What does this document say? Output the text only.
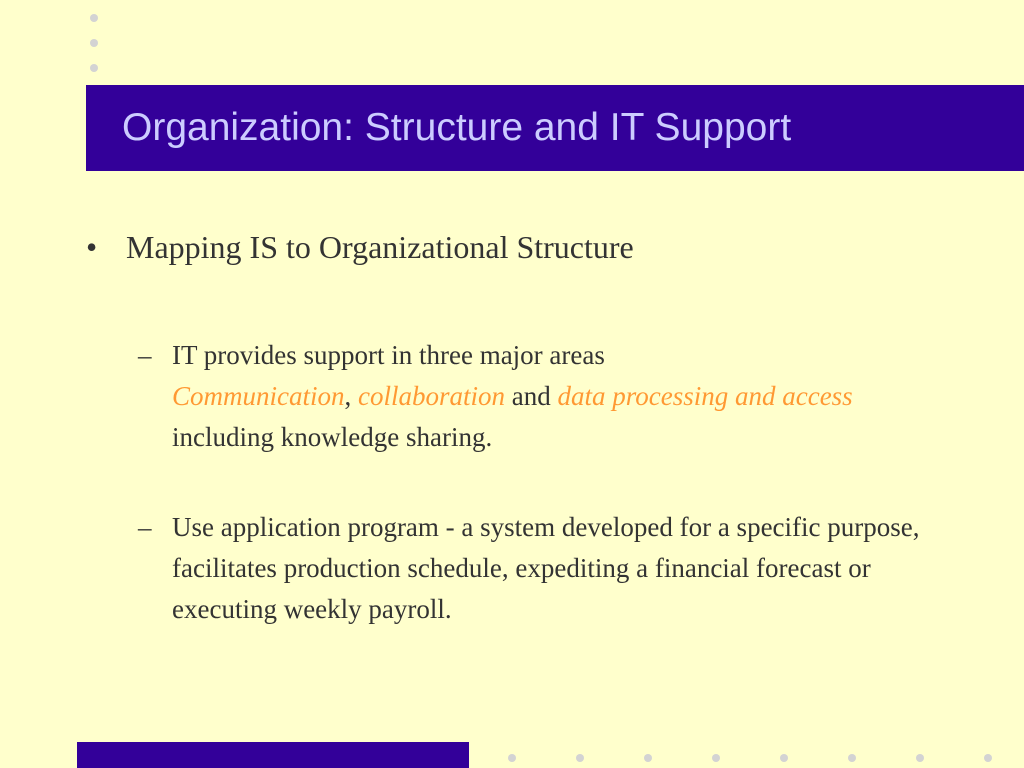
Organization: Structure and IT Support
• Mapping IS to Organizational Structure
– IT provides support in three major areas
Communication, collaboration and data processing and access including knowledge sharing.
– Use application program - a system developed for a specific purpose, facilitates production schedule, expediting a financial forecast or executing weekly payroll.
